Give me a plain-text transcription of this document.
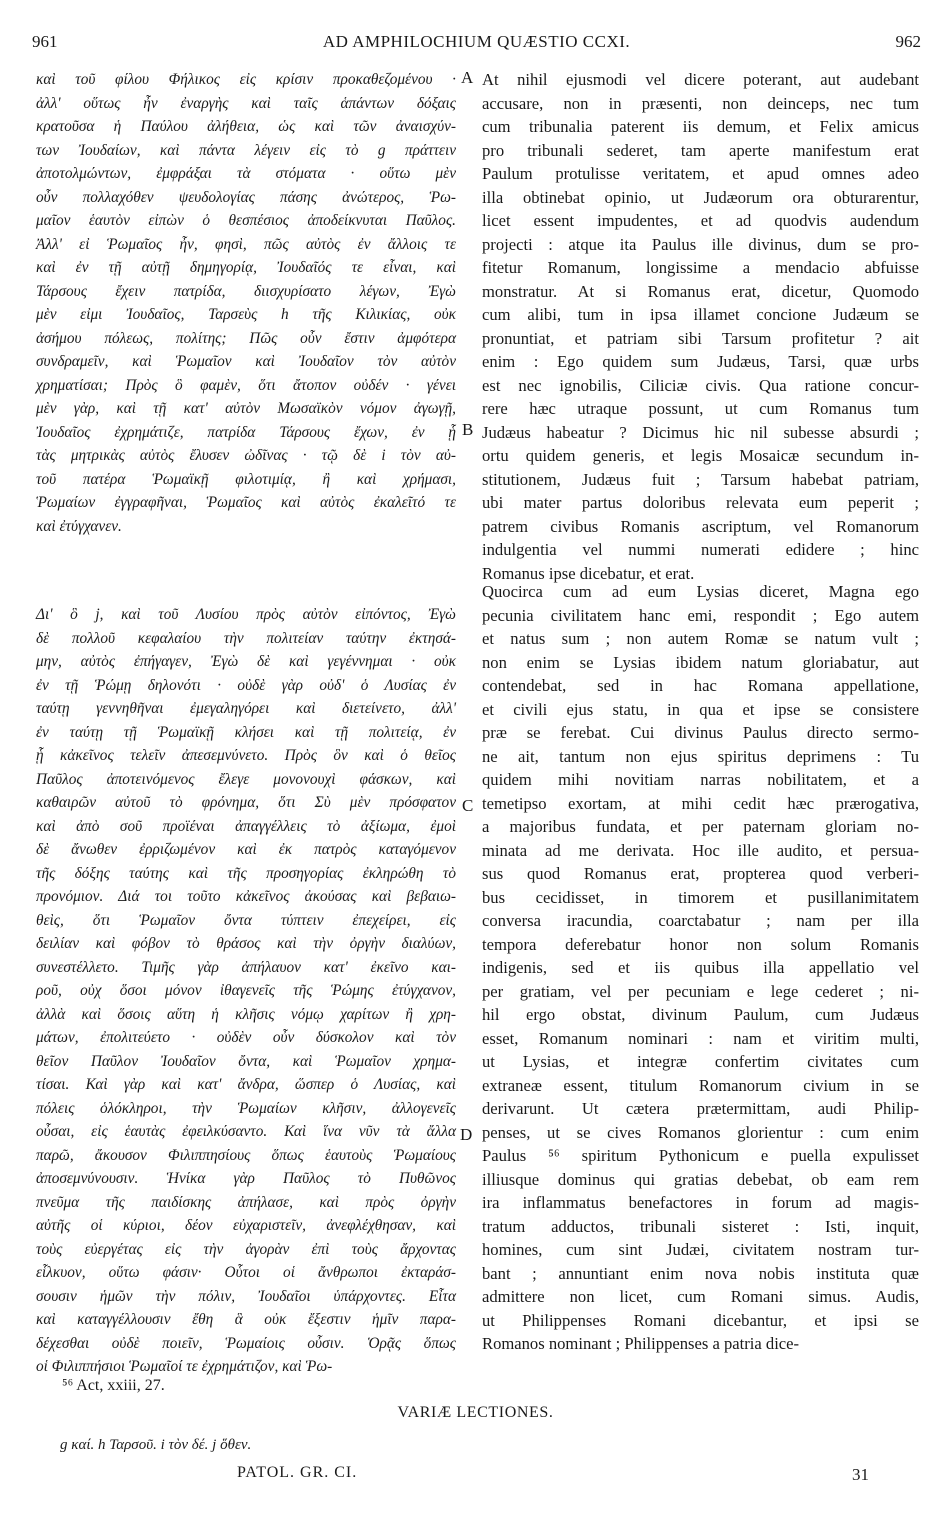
961	AD AMPHILOCHIUM QUÆSTIO CCXI.	962
καὶ τοῦ φίλου Φήλικος εἰς κρίσιν προκαθεζομένου ·
ἀλλ' οὕτως ἦν ἐναργὴς καὶ ταῖς ἁπάντων δόξαις
κρατοῦσα ἡ Παύλου ἀλήθεια, ὡς καὶ τῶν ἀναισχύν-
των Ἰουδαίων, καὶ πάντα λέγειν εἰς τὸ g πράττειν
ἀποτολμώντων, ἐμφράξαι τὰ στόματα · οὕτω μὲν
οὖν πολλαχόθεν ψευδολογίας πάσης ἀνώτερος, Ῥω-
μαῖον ἑαυτὸν εἰπὼν ὁ θεσπέσιος ἀποδείκνυται Παῦλος.
Ἀλλ' εἰ Ῥωμαῖος ἦν, φησὶ, πῶς αὐτὸς ἐν ἄλλοις τε
καὶ ἐν τῇ αὐτῇ δημηγορίᾳ, Ἰουδαῖός τε εἶναι, καὶ
Τάρσους ἔχειν πατρίδα, διισχυρίσατο λέγων, Ἐγὼ
μὲν εἰμι Ἰουδαῖος, Ταρσεὺς h τῆς Κιλικίας, οὐκ
ἀσήμου πόλεως, πολίτης; Πῶς οὖν ἔστιν ἀμφότερα
συνδραμεῖν, καὶ Ῥωμαῖον καὶ Ἰουδαῖον τὸν αὐτὸν
χρηματίσαι; Πρὸς ὃ φαμὲν, ὅτι ἄτοπον οὐδέν · γένει
μὲν γὰρ, καὶ τῇ κατ' αὐτὸν Μωσαϊκὸν νόμον ἀγωγῇ,
Ἰουδαῖος ἐχρημάτιζε, πατρίδα Τάρσους ἔχων, ἐν ᾗ
τὰς μητρικὰς αὐτὸς ἔλυσεν ὠδῖνας · τῷ δὲ i τὸν αὐ-
τοῦ πατέρα Ῥωμαϊκῇ φιλοτιμίᾳ, ἢ καὶ χρήμασι,
Ῥωμαίων ἐγγραφῆναι, Ῥωμαῖος καὶ αὐτὸς ἐκαλεῖτό τε
καὶ ἐτύγχανεν.
Δι' ὃ j, καὶ τοῦ Λυσίου πρὸς αὐτὸν εἰπόντος, Ἐγὼ
δὲ πολλοῦ κεφαλαίου τὴν πολιτείαν ταύτην ἐκτησά-
μην, αὐτὸς ἐπήγαγεν, Ἐγὼ δὲ καὶ γεγέννημαι · οὐκ
ἐν τῇ Ῥώμῃ δηλονότι · οὐδὲ γὰρ οὐδ' ὁ Λυσίας ἐν
ταύτῃ γεννηθῆναι ἐμεγαληγόρει καὶ διετείνετο, ἀλλ'
ἐν ταύτῃ τῇ Ῥωμαϊκῇ κλήσει καὶ τῇ πολιτείᾳ, ἐν
ᾗ κἀκεῖνος τελεῖν ἀπεσεμνύνετο. Πρὸς ὃν καὶ ὁ θεῖος
Παῦλος ἀποτεινόμενος ἔλεγε μονονουχὶ φάσκων, καὶ
καθαιρῶν αὐτοῦ τὸ φρόνημα, ὅτι Σὺ μὲν πρόσφατον
καὶ ἀπὸ σοῦ προϊέναι ἀπαγγέλλεις τὸ ἀξίωμα, ἐμοὶ
δὲ ἄνωθεν ἐρριζωμένον καὶ ἐκ πατρὸς καταγόμενον
τῆς δόξης ταύτης καὶ τῆς προσηγορίας ἐκληρώθη τὸ
προνόμιον. Διά τοι τοῦτο κἀκεῖνος ἀκούσας καὶ βεβαιω-
θεὶς, ὅτι Ῥωμαῖον ὄντα τύπτειν ἐπεχείρει, εἰς
δειλίαν καὶ φόβον τὸ θράσος καὶ τὴν ὀργὴν διαλύων,
συνεστέλλετο. Τιμῆς γὰρ ἀπήλαυον κατ' ἐκεῖνο και-
ροῦ, οὐχ ὅσοι μόνον ἰθαγενεῖς τῆς Ῥώμης ἐτύγχανον,
ἀλλὰ καὶ ὅσοις αὕτη ἡ κλῆσις νόμῳ χαρίτων ἢ χρη-
μάτων, ἐπολιτεύετο · οὐδὲν οὖν δύσκολον καὶ τὸν
θεῖον Παῦλον Ἰουδαῖον ὄντα, καὶ Ῥωμαῖον χρημα-
τίσαι. Καὶ γὰρ καὶ κατ' ἄνδρα, ὥσπερ ὁ Λυσίας, καὶ
πόλεις ὁλόκληροι, τὴν Ῥωμαίων κλῆσιν, ἀλλογενεῖς
οὖσαι, εἰς ἑαυτὰς ἐφειλκύσαντο. Καὶ ἵνα νῦν τὰ ἄλλα
παρῶ, ἄκουσον Φιλιππησίους ὅπως ἑαυτοὺς Ῥωμαίους
ἀποσεμνύνουσιν. Ἡνίκα γὰρ Παῦλος τὸ Πυθῶνος
πνεῦμα τῆς παιδίσκης ἀπήλασε, καὶ πρὸς ὀργὴν
αὐτῆς οἱ κύριοι, δέον εὐχαριστεῖν, ἀνεφλέχθησαν, καὶ
τοὺς εὐεργέτας εἰς τὴν ἀγορὰν ἐπὶ τοὺς ἄρχοντας
εἷλκυον, οὕτω φάσιν· Οὗτοι οἱ ἄνθρωποι ἐκταράσ-
σουσιν ἡμῶν τὴν πόλιν, Ἰουδαῖοι ὑπάρχοντες. Εἶτα
καὶ καταγγέλλουσιν ἔθη ἃ οὐκ ἔξεστιν ἡμῖν παρα-
δέχεσθαι οὐδὲ ποιεῖν, Ῥωμαίοις οὖσιν. Ὁρᾷς ὅπως
οἱ Φιλιππήσιοι Ῥωμαῖοί τε ἐχρημάτιζον, καὶ Ῥω-
At nihil ejusmodi vel dicere poterant, aut audebant
accusare, non in præsenti, non deinceps, nec tum
cum tribunalia paterent iis demum, et Felix amicus
pro tribunali sederet, tam aperte manifestum erat
Paulum protulisse veritatem, et apud omnes adeo
illa obtinebat opinio, ut Judæorum ora obturarentur,
licet essent impudentes, et ad quodvis audendum
projecti : atque ita Paulus ille divinus, dum se pro-
fitetur Romanum, longissime a mendacio abfuisse
monstratur. At si Romanus erat, dicetur, Quomodo
cum alibi, tum in ipsa illamet concione Judæum se
pronuntiat, et patriam sibi Tarsum profitetur ? ait
enim : Ego quidem sum Judæus, Tarsi, quæ urbs
est nec ignobilis, Ciliciæ civis. Qua ratione concur-
rere hæc utraque possunt, ut cum Romanus tum
Judæus habeatur ? Dicimus hic nil subesse absurdi ;
ortu quidem generis, et legis Mosaicæ secundum in-
stitutionem, Judæus fuit ; Tarsum habebat patriam,
ubi mater partus doloribus relevata eum peperit ;
patrem civibus Romanis ascriptum, vel Romanorum
indulgentia vel nummi numerati edidere ; hinc
Romanus ipse dicebatur, et erat.
Quocirca cum ad eum Lysias diceret, Magna ego
pecunia civilitatem hanc emi, respondit ; Ego autem
et natus sum ; non autem Romæ se natum vult ;
non enim se Lysias ibidem natum gloriabatur, aut
contendebat, sed in hac Romana appellatione,
et civili ejus statu, in qua et ipse se consistere
præ se ferebat. Cui divinus Paulus directo sermo-
ne ait, tantum non ejus spiritus deprimens : Tu
quidem mihi novitiam narras nobilitatem, et a
temetipso exortam, at mihi cedit hæc prærogativa,
a majoribus fundata, et per paternam gloriam no-
minata ad me derivata. Hoc ille audito, et persua-
sus quod Romanus erat, propterea quod verberi-
bus cecidisset, in timorem et pusillanimitatem
conversa iracundia, coarctabatur ; nam per illa
tempora deferebatur honor non solum Romanis
indigenis, sed et iis quibus illa appellatio vel
per gratiam, vel per pecuniam e lege cederet ; ni-
hil ergo obstat, divinum Paulum, cum Judæus
esset, Romanum nominari : nam et viritim multi,
ut Lysias, et integræ confertim civitates cum
extraneæ essent, titulum Romanorum civium in se
derivarunt. Ut cætera prætermittam, audi Philip-
penses, ut se cives Romanos glorientur : cum enim
Paulus ⁵⁶ spiritum Pythonicum e puella expulisset
illiusque dominus qui gratias debebat, ob eam rem
ira inflammatus benefactores in forum ad magis-
tratum adductos, tribunali sisteret : Isti, inquit,
homines, cum sint Judæi, civitatem nostram tur-
bant ; annuntiant enim nova nobis instituta quæ
admittere non licet, cum Romani simus. Audis,
ut Philippenses Romani dicebantur, et ipsi se
Romanos nominant ; Philippenses a patria dice-
A
B
C
D
⁵⁶ Act, xxiii, 27.
VARIÆ LECTIONES.
g καί. h Ταρσοῦ. i τὸν δέ. j ὅθεν.
PATOL. GR. CI.	31
